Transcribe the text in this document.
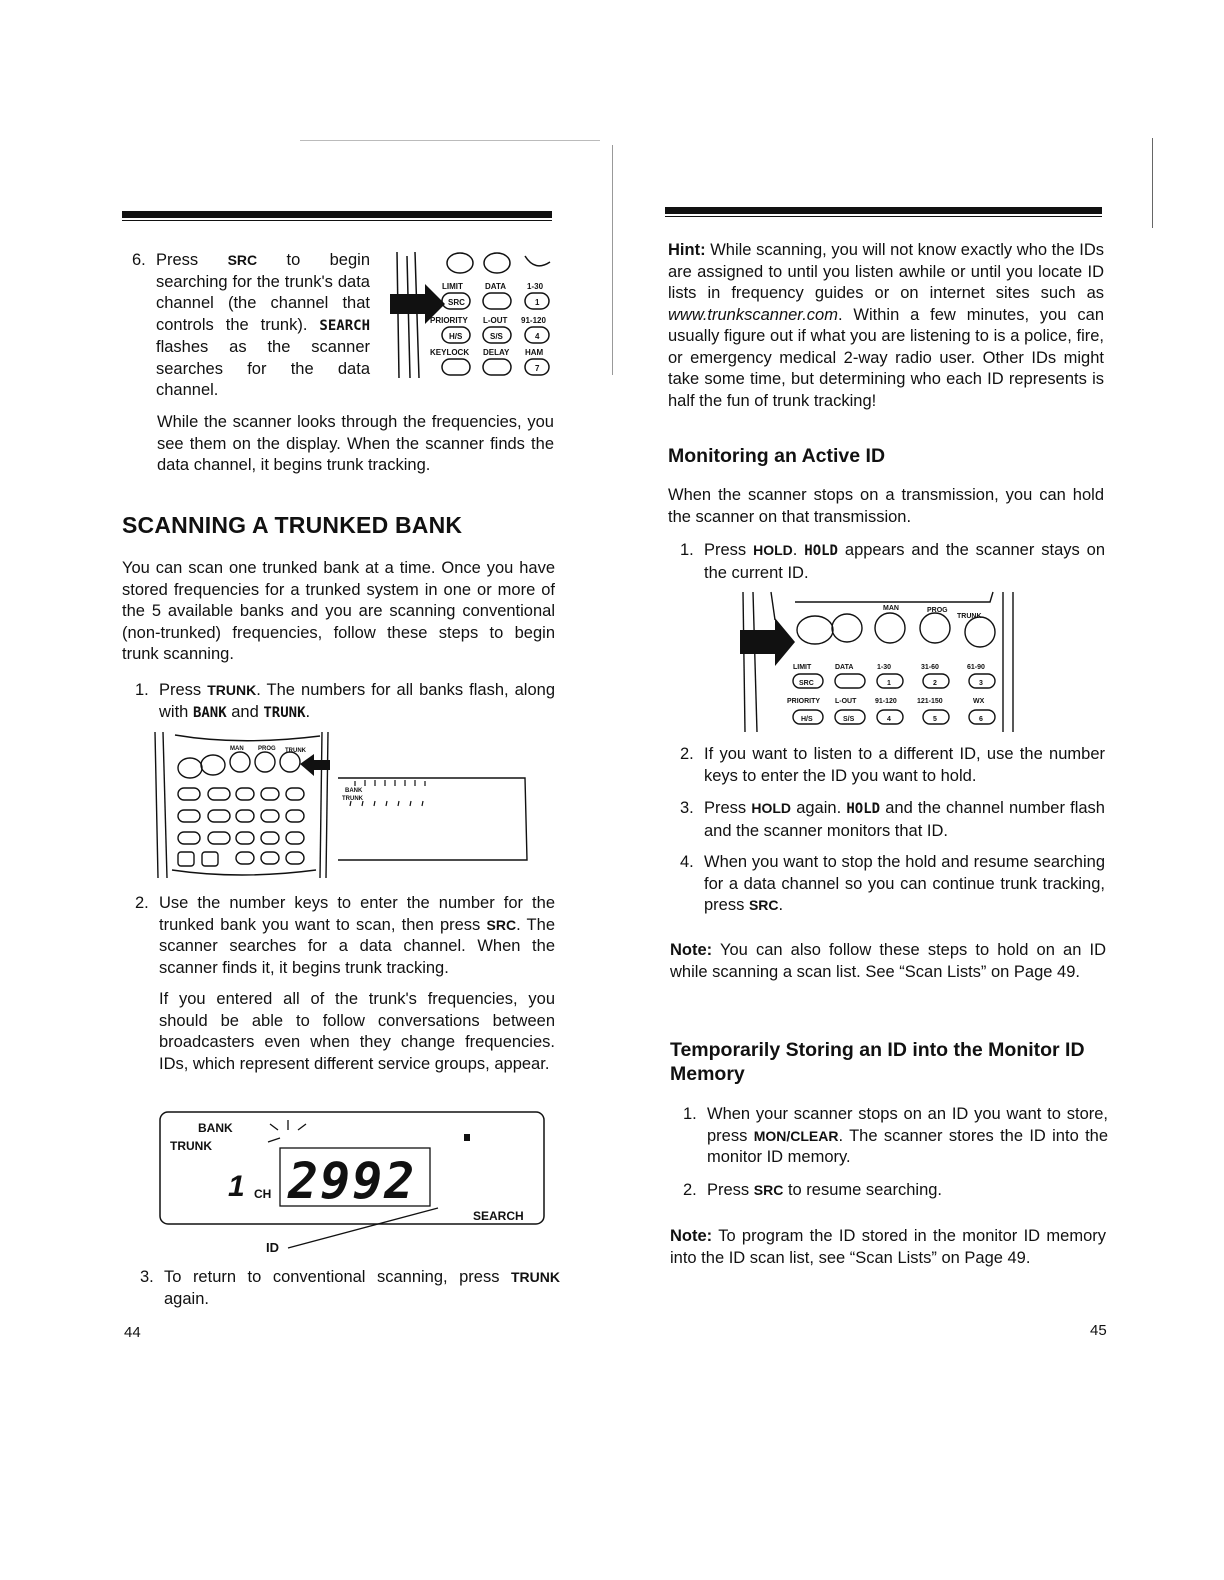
6. Press SRC to begin searching for the trunk's data channel (the channel that controls the trunk). SEARCH flashes as the scanner searches for the data channel.
LIMIT	DATA	1-30
SRC	1
PRIORITY L-OUT 91-120
H/S	S/S	4
KEYLOCK DELAY HAM
7
While the scanner looks through the frequencies, you see them on the display. When the scanner finds the data channel, it begins trunk tracking.
SCANNING A TRUNKED BANK
You can scan one trunked bank at a time. Once you have stored frequencies for a trunked system in one or more of the 5 available banks and you are scanning conventional (non-trunked) frequencies, follow these steps to begin trunk scanning.
1. Press TRUNK. The numbers for all banks flash, along with BANK and TRUNK.
MAN PROG TRUNK
BANK
TRUNK
2. Use the number keys to enter the number for the trunked bank you want to scan, then press SRC. The scanner searches for a data channel. When the scanner finds it, it begins trunk tracking.
If you entered all of the trunk's frequencies, you should be able to follow conversations between broadcasters even when they change frequencies. IDs, which represent different service groups, appear.
BANK
TRUNK
1 CH 2992
SEARCH
ID
3. To return to conventional scanning, press TRUNK again.
44
Hint: While scanning, you will not know exactly who the IDs are assigned to until you listen awhile or until you locate ID lists in frequency guides or on internet sites such as www.trunkscanner.com. Within a few minutes, you can usually figure out if what you are listening to is a police, fire, or emergency medical 2-way radio user. Other IDs might take some time, but determining who each ID represents is half the fun of trunk tracking!
Monitoring an Active ID
When the scanner stops on a transmission, you can hold the scanner on that transmission.
1. Press HOLD. HOLD appears and the scanner stays on the current ID.
MAN	PROG
TRUNK
LIMIT	DATA	1-30	31-60	61-90
SRC	1	2	3
PRIORITY L-OUT	91-120	121-150	WX
H/S	S/S	4	5	6
2. If you want to listen to a different ID, use the number keys to enter the ID you want to hold.
3. Press HOLD again. HOLD and the channel number flash and the scanner monitors that ID.
4. When you want to stop the hold and resume searching for a data channel so you can continue trunk tracking, press SRC.
Note: You can also follow these steps to hold on an ID while scanning a scan list. See “Scan Lists” on Page 49.
Temporarily Storing an ID into the Monitor ID Memory
1. When your scanner stops on an ID you want to store, press MON/CLEAR. The scanner stores the ID into the monitor ID memory.
2. Press SRC to resume searching.
Note: To program the ID stored in the monitor ID memory into the ID scan list, see “Scan Lists” on Page 49.
45
